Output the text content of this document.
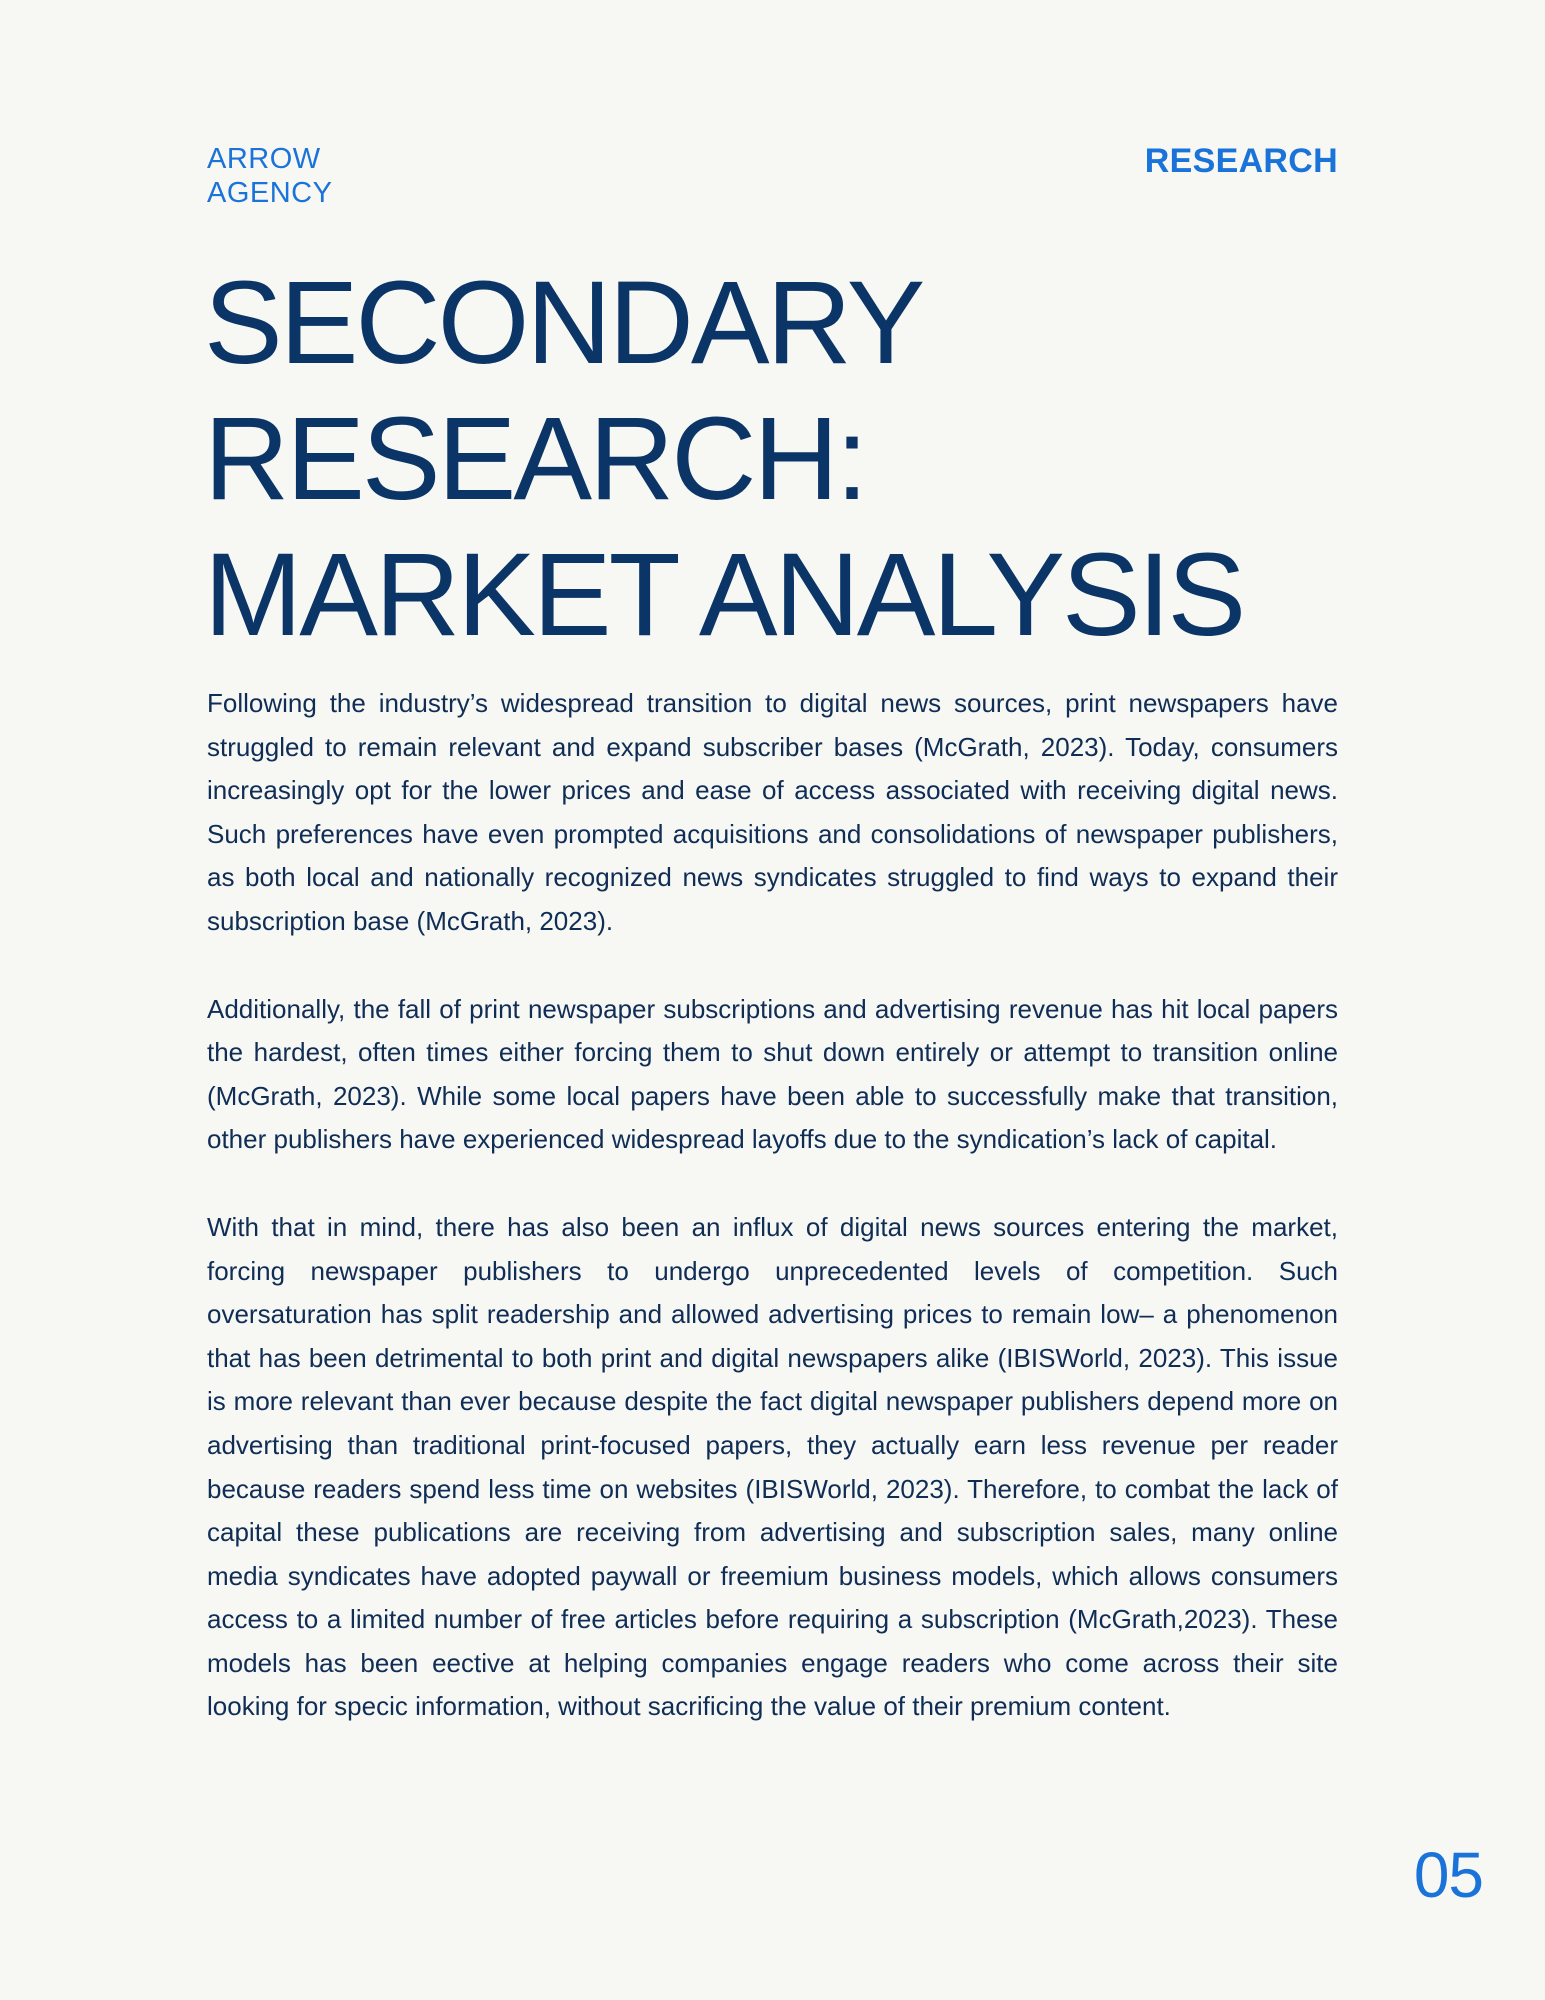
ARROW
AGENCY
RESEARCH
SECONDARY
RESEARCH:
MARKET ANALYSIS

Following the industry’s widespread transition to digital news sources, print newspapers have struggled to remain relevant and expand subscriber bases (McGrath, 2023). Today, consumers increasingly opt for the lower prices and ease of access associated with receiving digital news. Such preferences have even prompted acquisitions and consolidations of newspaper publishers, as both local and nationally recognized news syndicates struggled to find ways to expand their subscription base (McGrath, 2023).

Additionally, the fall of print newspaper subscriptions and advertising revenue has hit local papers the hardest, often times either forcing them to shut down entirely or attempt to transition online (McGrath, 2023). While some local papers have been able to successfully make that transition, other publishers have experienced widespread layoffs due to the syndication’s lack of capital.

With that in mind, there has also been an influx of digital news sources entering the market, forcing newspaper publishers to undergo unprecedented levels of competition. Such oversaturation has split readership and allowed advertising prices to remain low– a phenomenon that has been detrimental to both print and digital newspapers alike (IBISWorld, 2023). This issue is more relevant than ever because despite the fact digital newspaper publishers depend more on advertising than traditional print-focused papers, they actually earn less revenue per reader because readers spend less time on websites (IBISWorld, 2023). Therefore, to combat the lack of capital these publications are receiving from advertising and subscription sales, many online media syndicates have adopted paywall or freemium business models, which allows consumers access to a limited number of free articles before requiring a subscription (McGrath,2023). These models has been eective at helping companies engage readers who come across their site looking for specic information, without sacrificing the value of their premium content.

05
